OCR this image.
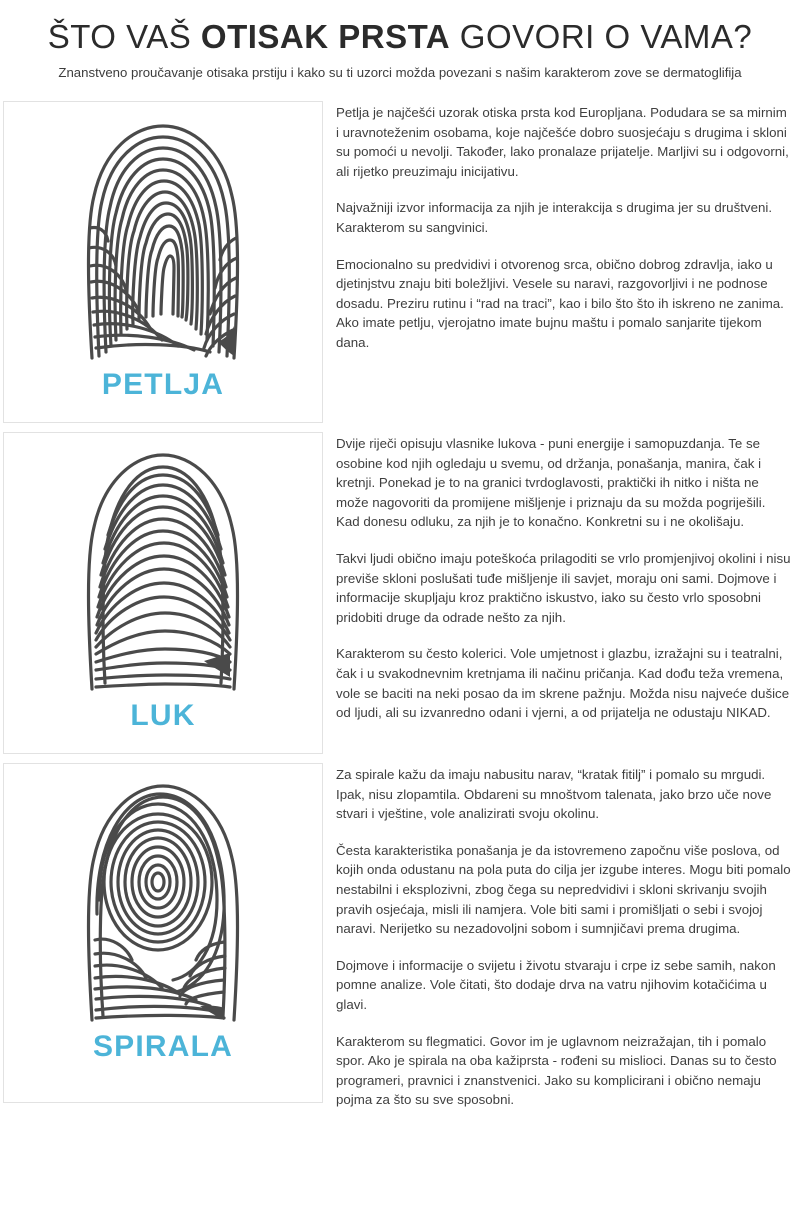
ŠTO VAŠ OTISAK PRSTA GOVORI O VAMA?
Znanstveno proučavanje otisaka prstiju i kako su ti uzorci možda povezani s našim karakterom zove se dermatoglifija
PETLJA

Petlja je najčešći uzorak otiska prsta kod Europljana. Podudara se sa mirnim i uravnoteženim osobama, koje najčešće dobro suosjećaju s drugima i skloni su pomoći u nevolji. Također, lako pronalaze prijatelje. Marljivi su i odgovorni, ali rijetko preuzimaju inicijativu.

Najvažniji izvor informacija za njih je interakcija s drugima jer su društveni. Karakterom su sangvinici.

Emocionalno su predvidivi i otvorenog srca, obično dobrog zdravlja, iako u djetinjstvu znaju biti boležljivi. Vesele su naravi, razgovorljivi i ne podnose dosadu. Preziru rutinu i “rad na traci”, kao i bilo što što ih iskreno ne zanima. Ako imate petlju, vjerojatno imate bujnu maštu i pomalo sanjarite tijekom dana.

LUK

Dvije riječi opisuju vlasnike lukova - puni energije i samopuzdanja. Te se osobine kod njih ogledaju u svemu, od držanja, ponašanja, manira, čak i kretnji. Ponekad je to na granici tvrdoglavosti, praktički ih nitko i ništa ne može nagovoriti da promijene mišljenje i priznaju da su možda pogriješili. Kad donesu odluku, za njih je to konačno. Konkretni su i ne okolišaju.

Takvi ljudi obično imaju poteškoća prilagoditi se vrlo promjenjivoj okolini i nisu previše skloni poslušati tuđe mišljenje ili savjet, moraju oni sami. Dojmove i informacije skupljaju kroz praktično iskustvo, iako su često vrlo sposobni pridobiti druge da odrade nešto za njih.

Karakterom su često kolerici. Vole umjetnost i glazbu, izražajni su i teatralni, čak i u svakodnevnim kretnjama ili načinu pričanja. Kad dođu teža vremena, vole se baciti na neki posao da im skrene pažnju. Možda nisu najveće dušice od ljudi, ali su izvanredno odani i vjerni, a od prijatelja ne odustaju NIKAD.

SPIRALA

Za spirale kažu da imaju nabusitu narav, “kratak fitilj” i pomalo su mrgudi. Ipak, nisu zlopamtila. Obdareni su mnoštvom talenata, jako brzo uče nove stvari i vještine, vole analizirati svoju okolinu.

Česta karakteristika ponašanja je da istovremeno započnu više poslova, od kojih onda odustanu na pola puta do cilja jer izgube interes. Mogu biti pomalo nestabilni i eksplozivni, zbog čega su nepredvidivi i skloni skrivanju svojih pravih osjećaja, misli ili namjera. Vole biti sami i promišljati o sebi i svojoj naravi. Nerijetko su nezadovoljni sobom i sumnjičavi prema drugima.

Dojmove i informacije o svijetu i životu stvaraju i crpe iz sebe samih, nakon pomne analize. Vole čitati, što dodaje drva na vatru njihovim kotačićima u glavi.

Karakterom su flegmatici. Govor im je uglavnom neizražajan, tih i pomalo spor. Ako je spirala na oba kažiprsta - rođeni su mislioci. Danas su to često programeri, pravnici i znanstvenici. Jako su komplicirani i obično nemaju pojma za što su sve sposobni.
